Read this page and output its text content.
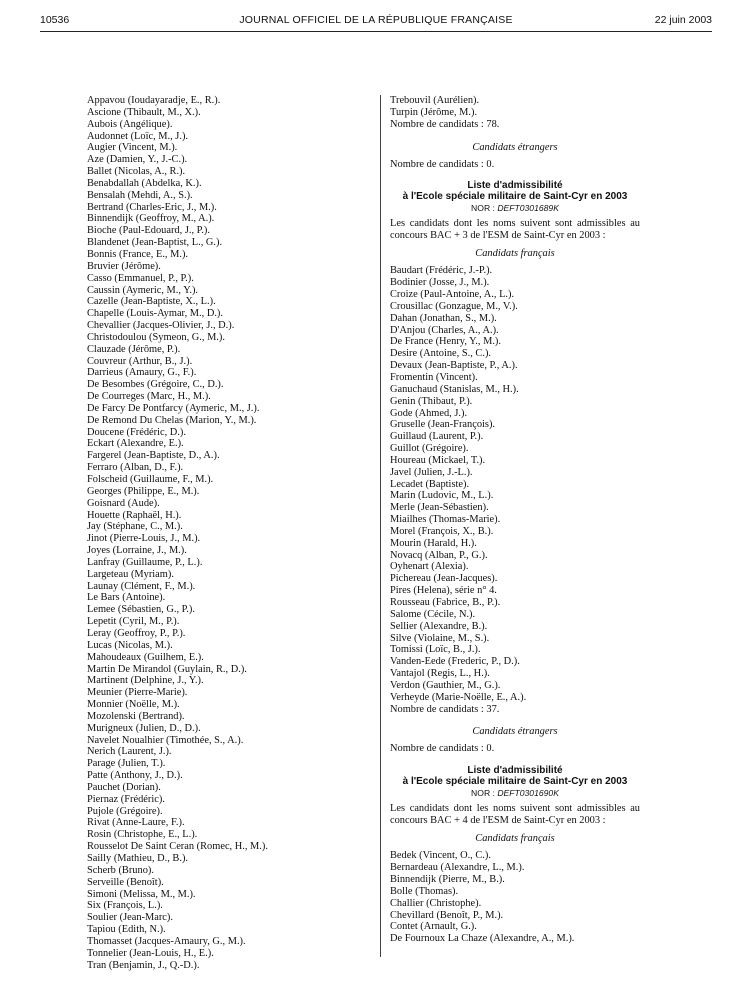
10536	JOURNAL OFFICIEL DE LA RÉPUBLIQUE FRANÇAISE	22 juin 2003
Appavou (Ioudayaradje, E., R.).
Ascione (Thibault, M., X.).
Aubois (Angélique).
Audonnet (Loïc, M., J.).
Augier (Vincent, M.).
Aze (Damien, Y., J.-C.).
Ballet (Nicolas, A., R.).
Benabdallah (Abdelka, K.).
Bensalah (Mehdi, A., S.).
Bertrand (Charles-Eric, J., M.).
Binnendijk (Geoffroy, M., A.).
Bioche (Paul-Edouard, J., P.).
Blandenet (Jean-Baptist, L., G.).
Bonnis (France, E., M.).
Bruvier (Jérôme).
Casso (Emmanuel, P., P.).
Caussin (Aymeric, M., Y.).
Cazelle (Jean-Baptiste, X., L.).
Chapelle (Louis-Aymar, M., D.).
Chevallier (Jacques-Olivier, J., D.).
Christodoulou (Symeon, G., M.).
Clauzade (Jérôme, P.).
Couvreur (Arthur, B., J.).
Darrieus (Amaury, G., F.).
De Besombes (Grégoire, C., D.).
De Courreges (Marc, H., M.).
De Farcy De Pontfarcy (Aymeric, M., J.).
De Remond Du Chelas (Marion, Y., M.).
Doucene (Frédéric, D.).
Eckart (Alexandre, E.).
Fargerel (Jean-Baptiste, D., A.).
Ferraro (Alban, D., F.).
Folscheid (Guillaume, F., M.).
Georges (Philippe, E., M.).
Goisnard (Aude).
Houette (Raphaël, H.).
Jay (Stéphane, C., M.).
Jinot (Pierre-Louis, J., M.).
Joyes (Lorraine, J., M.).
Lanfray (Guillaume, P., L.).
Largeteau (Myriam).
Launay (Clément, F., M.).
Le Bars (Antoine).
Lemee (Sébastien, G., P.).
Lepetit (Cyril, M., P.).
Leray (Geoffroy, P., P.).
Lucas (Nicolas, M.).
Mahoudeaux (Guilhem, E.).
Martin De Mirandol (Guylain, R., D.).
Martinent (Delphine, J., Y.).
Meunier (Pierre-Marie).
Monnier (Noëlle, M.).
Mozolenski (Bertrand).
Murigneux (Julien, D., D.).
Navelet Noualhier (Timothée, S., A.).
Nerich (Laurent, J.).
Parage (Julien, T.).
Patte (Anthony, J., D.).
Pauchet (Dorian).
Piernaz (Frédéric).
Pujole (Grégoire).
Rivat (Anne-Laure, F.).
Rosin (Christophe, E., L.).
Rousselot De Saint Ceran (Romec, H., M.).
Sailly (Mathieu, D., B.).
Scherb (Bruno).
Serveille (Benoît).
Simoni (Melissa, M., M.).
Six (François, L.).
Soulier (Jean-Marc).
Tapiou (Edith, N.).
Thomasset (Jacques-Amaury, G., M.).
Tonnelier (Jean-Louis, H., E.).
Tran (Benjamin, J., Q.-D.).
Trebouvil (Aurélien).
Turpin (Jérôme, M.).
Nombre de candidats : 78.
Candidats étrangers
Nombre de candidats : 0.
Liste d'admissibilité
à l'Ecole spéciale militaire de Saint-Cyr en 2003
NOR : DEFT0301689K
Les candidats dont les noms suivent sont admissibles au concours BAC + 3 de l'ESM de Saint-Cyr en 2003 :
Candidats français
Baudart (Frédéric, J.-P.).
Bodinier (Josse, J., M.).
Croize (Paul-Antoine, A., L.).
Crousillac (Gonzague, M., V.).
Dahan (Jonathan, S., M.).
D'Anjou (Charles, A., A.).
De France (Henry, Y., M.).
Desire (Antoine, S., C.).
Devaux (Jean-Baptiste, P., A.).
Fromentin (Vincent).
Ganuchaud (Stanislas, M., H.).
Genin (Thibaut, P.).
Gode (Ahmed, J.).
Gruselle (Jean-François).
Guillaud (Laurent, P.).
Guillot (Grégoire).
Houreau (Mickael, T.).
Javel (Julien, J.-L.).
Lecadet (Baptiste).
Marin (Ludovic, M., L.).
Merle (Jean-Sébastien).
Miailhes (Thomas-Marie).
Morel (François, X., B.).
Mourin (Harald, H.).
Novacq (Alban, P., G.).
Oyhenart (Alexia).
Pichereau (Jean-Jacques).
Pires (Helena), série n° 4.
Rousseau (Fabrice, B., P.).
Salome (Cécile, N.).
Sellier (Alexandre, B.).
Silve (Violaine, M., S.).
Tomissi (Loïc, B., J.).
Vanden-Eede (Frederic, P., D.).
Vantajol (Regis, L., H.).
Verdon (Gauthier, M., G.).
Verheyde (Marie-Noëlle, E., A.).
Nombre de candidats : 37.
Candidats étrangers
Nombre de candidats : 0.
Liste d'admissibilité
à l'Ecole spéciale militaire de Saint-Cyr en 2003
NOR : DEFT0301690K
Les candidats dont les noms suivent sont admissibles au concours BAC + 4 de l'ESM de Saint-Cyr en 2003 :
Candidats français
Bedek (Vincent, O., C.).
Bernardeau (Alexandre, L., M.).
Binnendijk (Pierre, M., B.).
Bolle (Thomas).
Challier (Christophe).
Chevillard (Benoît, P., M.).
Contet (Arnault, G.).
De Fournoux La Chaze (Alexandre, A., M.).
